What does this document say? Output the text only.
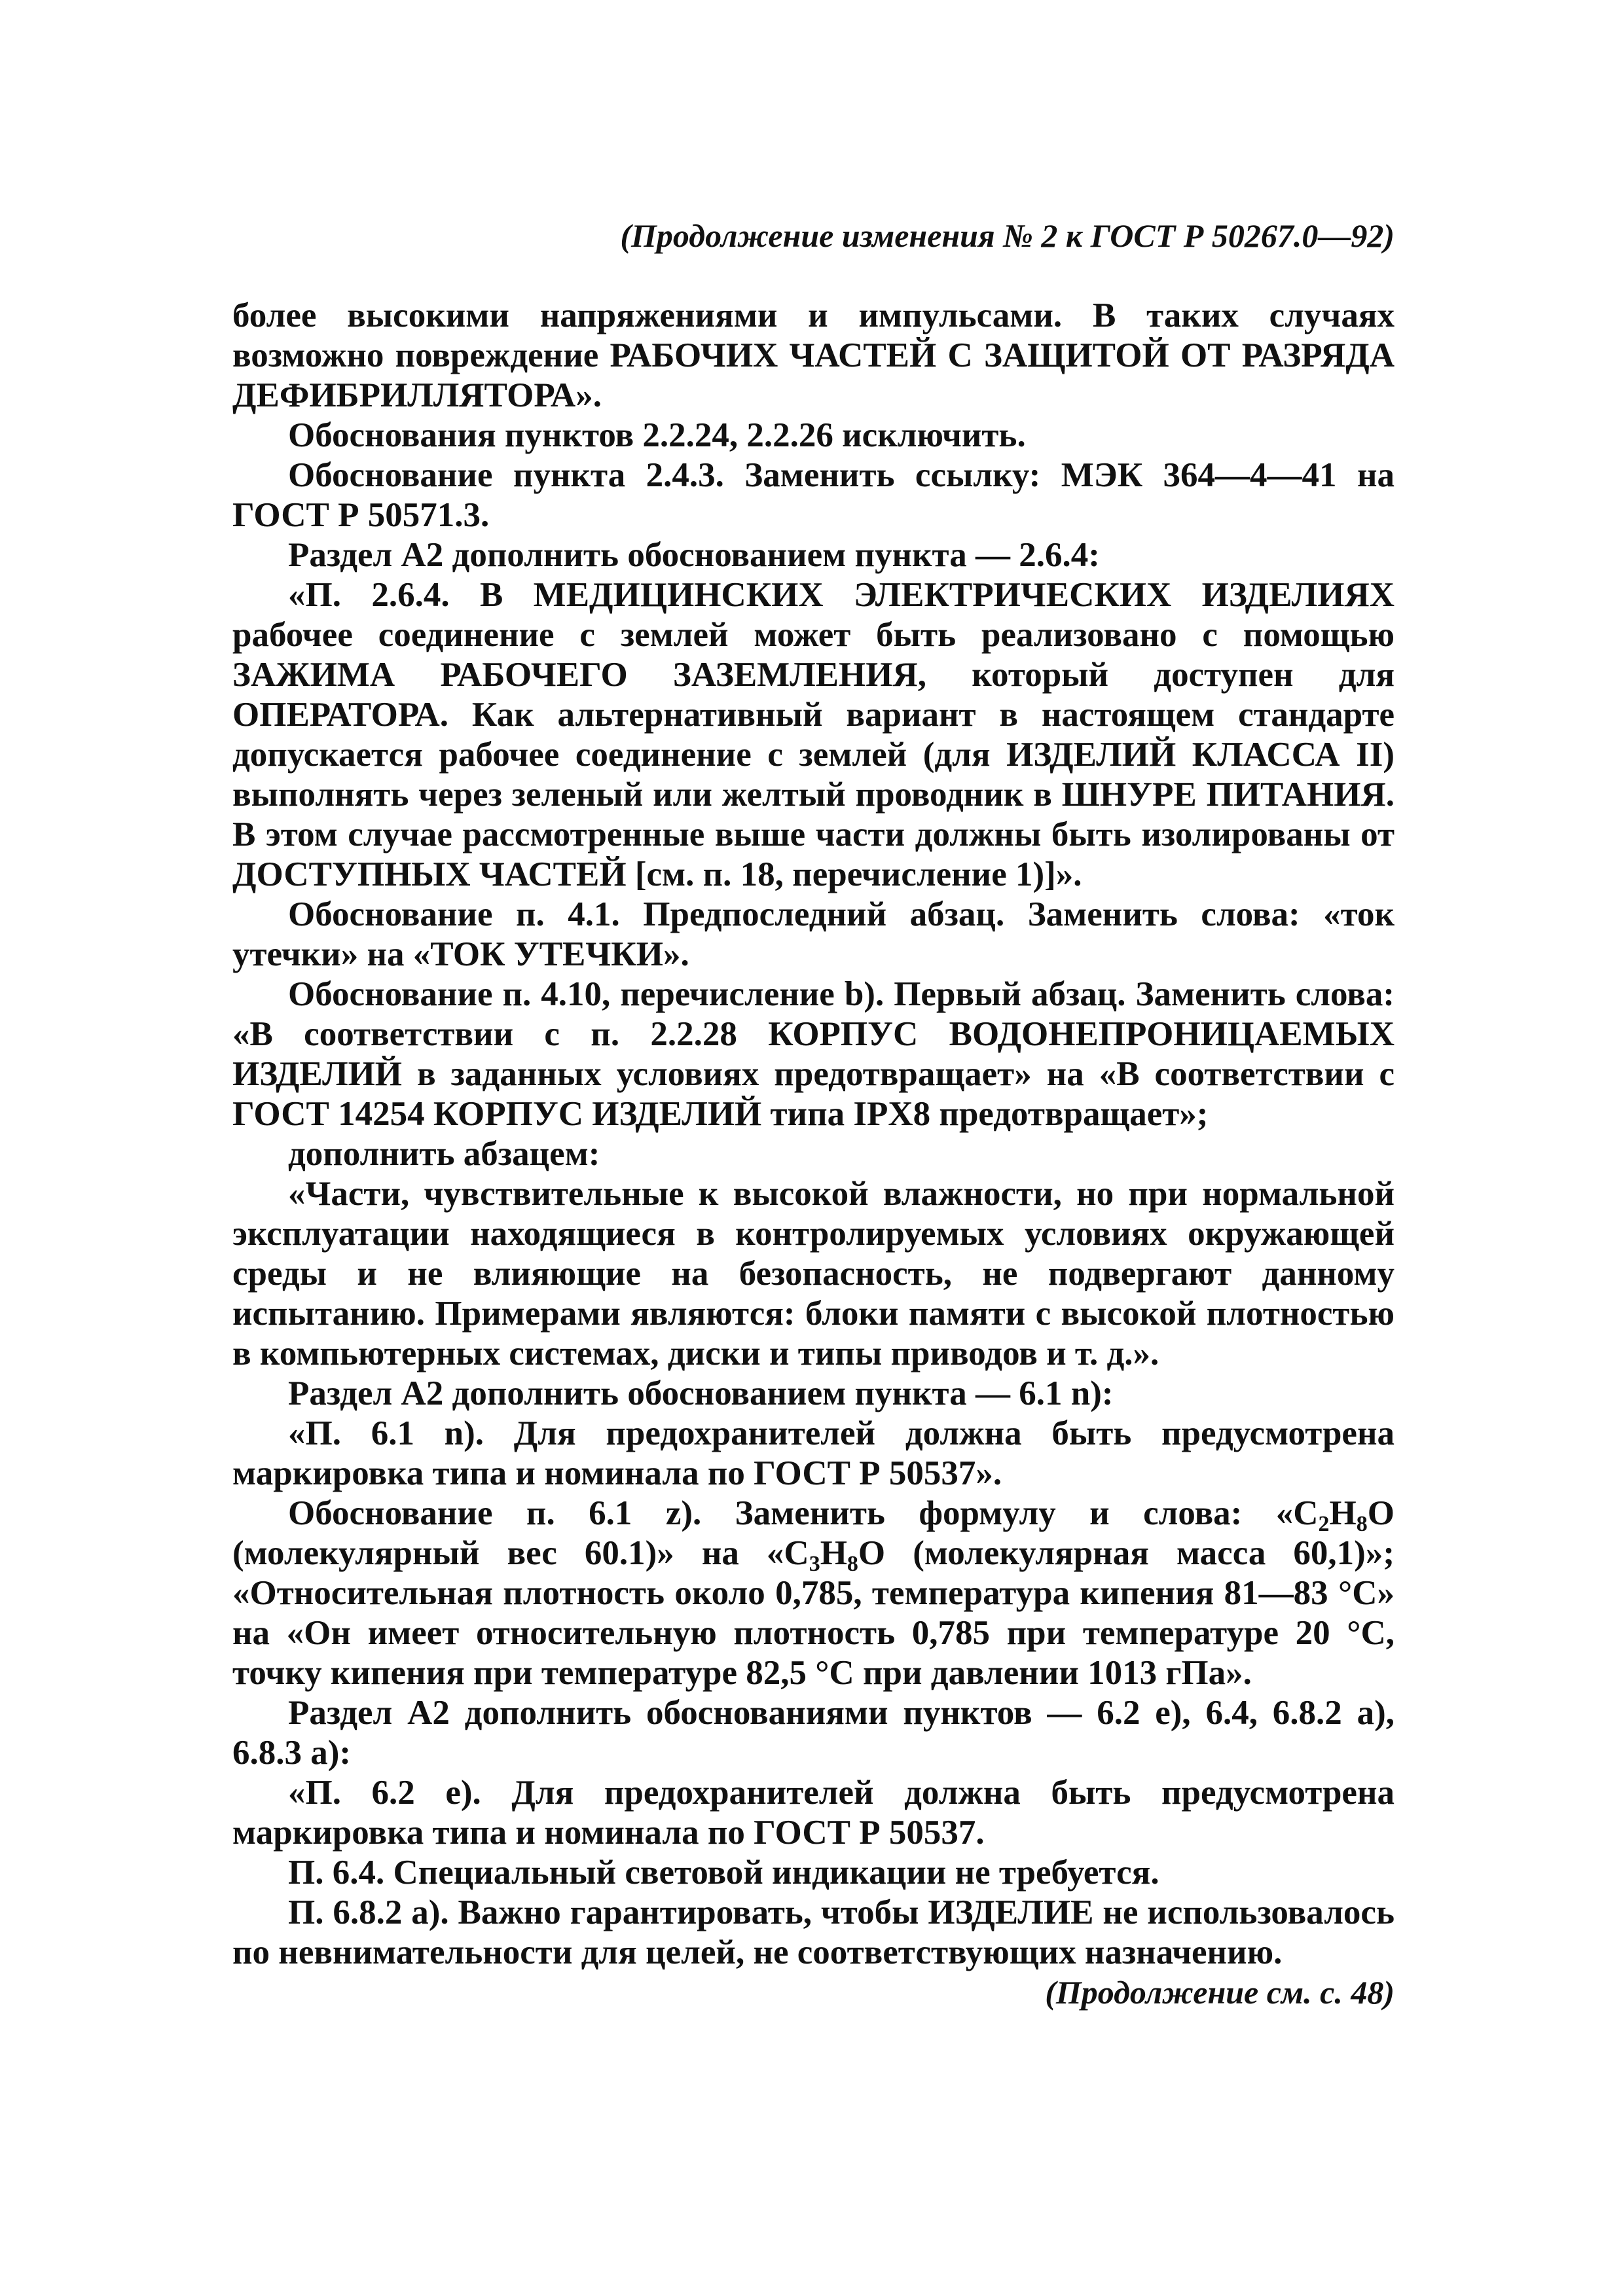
(Продолжение изменения № 2 к ГОСТ Р 50267.0—92)

более высокими напряжениями и импульсами. В таких случаях возможно повреждение РАБОЧИХ ЧАСТЕЙ С ЗАЩИТОЙ ОТ РАЗРЯДА ДЕФИБРИЛЛЯТОРА».

Обоснования пунктов 2.2.24, 2.2.26 исключить.

Обоснование пункта 2.4.3. Заменить ссылку: МЭК 364—4—41 на ГОСТ Р 50571.3.

Раздел А2 дополнить обоснованием пункта — 2.6.4:

«П. 2.6.4. В МЕДИЦИНСКИХ ЭЛЕКТРИЧЕСКИХ ИЗДЕЛИЯХ рабочее соединение с землей может быть реализовано с помощью ЗАЖИМА РАБОЧЕГО ЗАЗЕМЛЕНИЯ, который доступен для ОПЕРАТОРА. Как альтернативный вариант в настоящем стандарте допускается рабочее соединение с землей (для ИЗДЕЛИЙ КЛАССА II) выполнять через зеленый или желтый проводник в ШНУРЕ ПИТАНИЯ. В этом случае рассмотренные выше части должны быть изолированы от ДОСТУПНЫХ ЧАСТЕЙ [см. п. 18, перечисление 1)]».

Обоснование п. 4.1. Предпоследний абзац. Заменить слова: «ток утечки» на «ТОК УТЕЧКИ».

Обоснование п. 4.10, перечисление b). Первый абзац. Заменить слова: «В соответствии с п. 2.2.28 КОРПУС ВОДОНЕПРОНИЦАЕМЫХ ИЗДЕЛИЙ в заданных условиях предотвращает» на «В соответствии с ГОСТ 14254 КОРПУС ИЗДЕЛИЙ типа IPX8 предотвращает»;

дополнить абзацем:

«Части, чувствительные к высокой влажности, но при нормальной эксплуатации находящиеся в контролируемых условиях окружающей среды и не влияющие на безопасность, не подвергают данному испытанию. Примерами являются: блоки памяти с высокой плотностью в компьютерных системах, диски и типы приводов и т. д.».

Раздел А2 дополнить обоснованием пункта — 6.1 n):

«П. 6.1 n). Для предохранителей должна быть предусмотрена маркировка типа и номинала по ГОСТ Р 50537».

Обоснование п. 6.1 z). Заменить формулу и слова: «$C_2H_8O$ (молекулярный вес 60.1)» на «$C_3H_8O$ (молекулярная масса 60,1)»; «Относительная плотность около 0,785, температура кипения 81—83 °С» на «Он имеет относительную плотность 0,785 при температуре 20 °С, точку кипения при температуре 82,5 °С при давлении 1013 гПа».

Раздел А2 дополнить обоснованиями пунктов — 6.2 e), 6.4, 6.8.2 a), 6.8.3 a):

«П. 6.2 e). Для предохранителей должна быть предусмотрена маркировка типа и номинала по ГОСТ Р 50537.

П. 6.4. Специальный световой индикации не требуется.

П. 6.8.2 a). Важно гарантировать, чтобы ИЗДЕЛИЕ не использовалось по невнимательности для целей, не соответствующих назначению.

(Продолжение см. с. 48)
